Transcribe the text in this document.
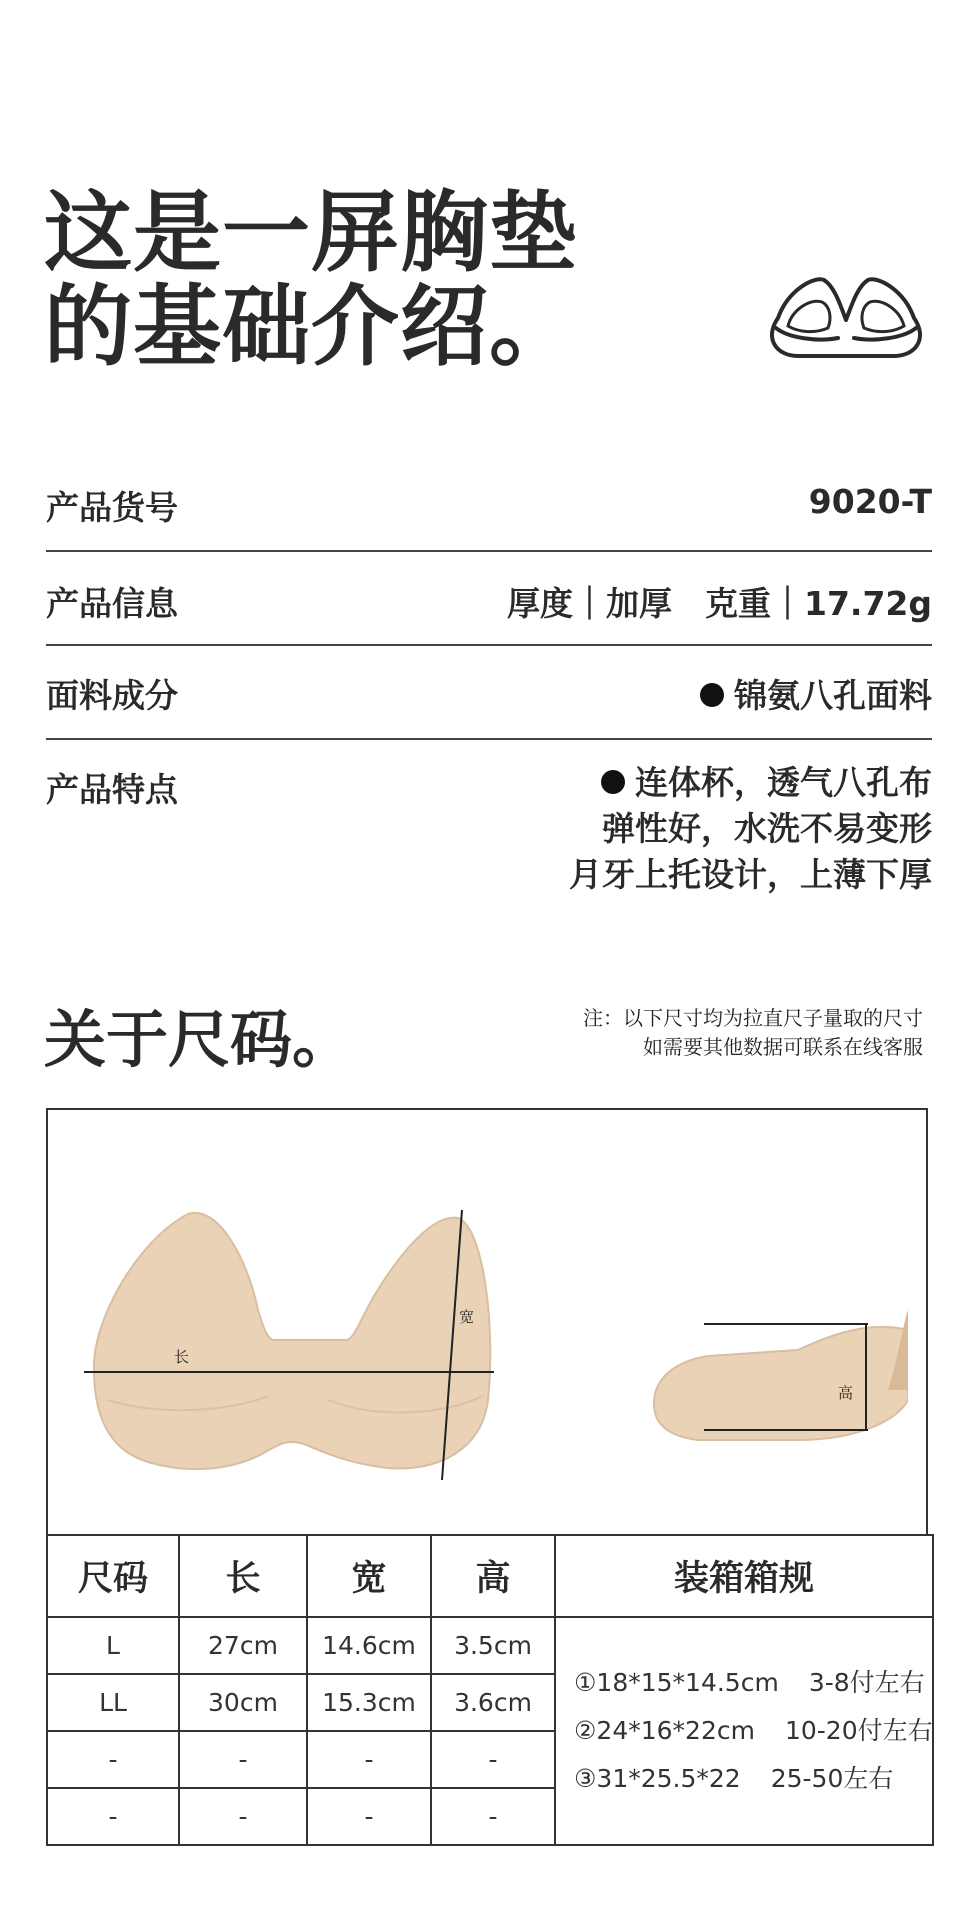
这是一屏胸垫
的基础介绍。
产品货号	9020-T
产品信息	厚度｜加厚　克重｜17.72g
面料成分	锦氨八孔面料
产品特点	连体杯，透气八孔布
弹性好，水洗不易变形
月牙上托设计，上薄下厚
关于尺码。	注：以下尺寸均为拉直尺子量取的尺寸
如需要其他数据可联系在线客服
长
宽
高
尺码	长	宽	高	装箱箱规
L	27cm	14.6cm	3.5cm	①18*15*14.5cm 3-8付左右
②24*16*22cm 10-20付左右
③31*25.5*22 25-50左右

LL	30cm	15.3cm	3.6cm	
-	-	-	-	
-	-	-	-	
